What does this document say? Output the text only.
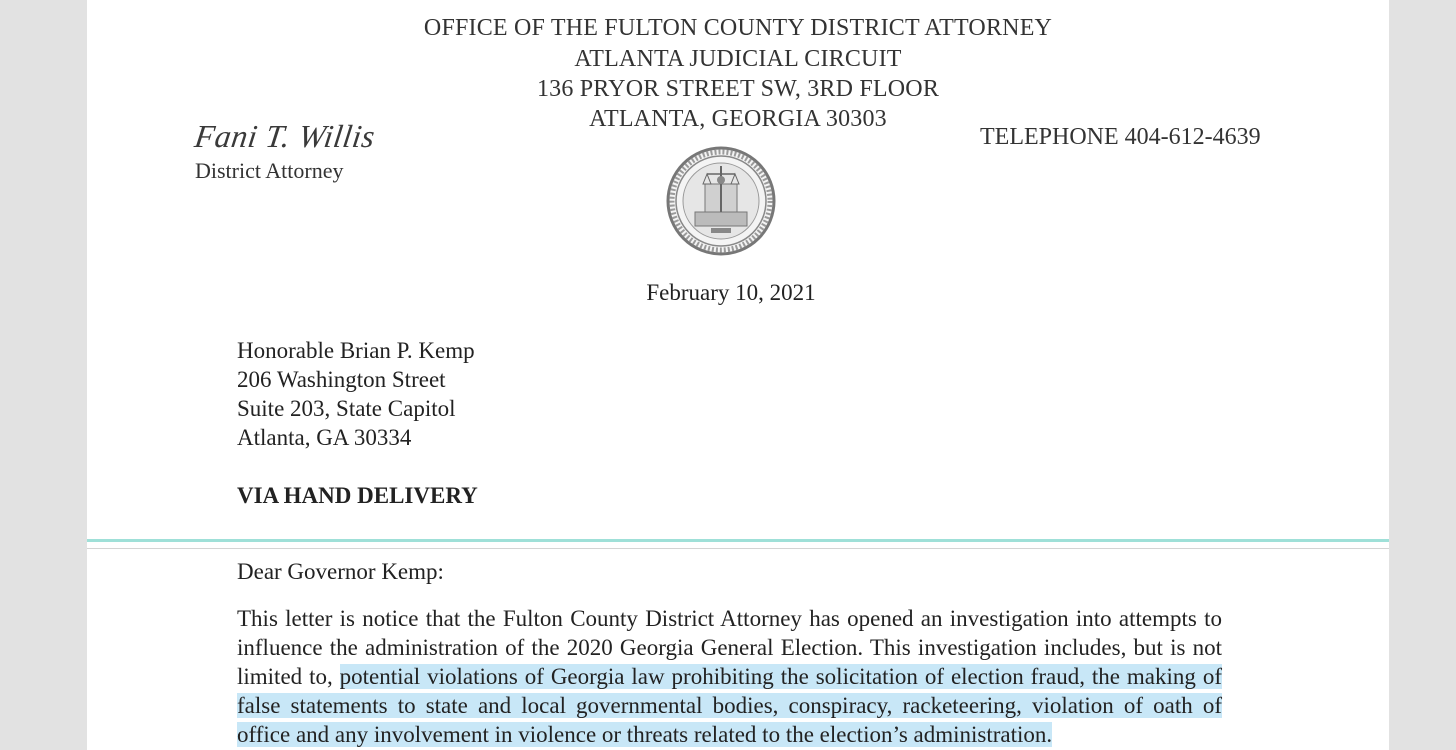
OFFICE OF THE FULTON COUNTY DISTRICT ATTORNEY
ATLANTA JUDICIAL CIRCUIT
136 PRYOR STREET SW, 3RD FLOOR
ATLANTA, GEORGIA 30303
Fani T. Willis
District Attorney
TELEPHONE 404-612-4639
February 10, 2021
Honorable Brian P. Kemp
206 Washington Street
Suite 203, State Capitol
Atlanta, GA 30334
VIA HAND DELIVERY
Dear Governor Kemp:
This letter is notice that the Fulton County District Attorney has opened an investigation into attempts to influence the administration of the 2020 Georgia General Election. This investigation includes, but is not limited to, potential violations of Georgia law prohibiting the solicitation of election fraud, the making of false statements to state and local governmental bodies, conspiracy, racketeering, violation of oath of office and any involvement in violence or threats related to the election’s administration.
